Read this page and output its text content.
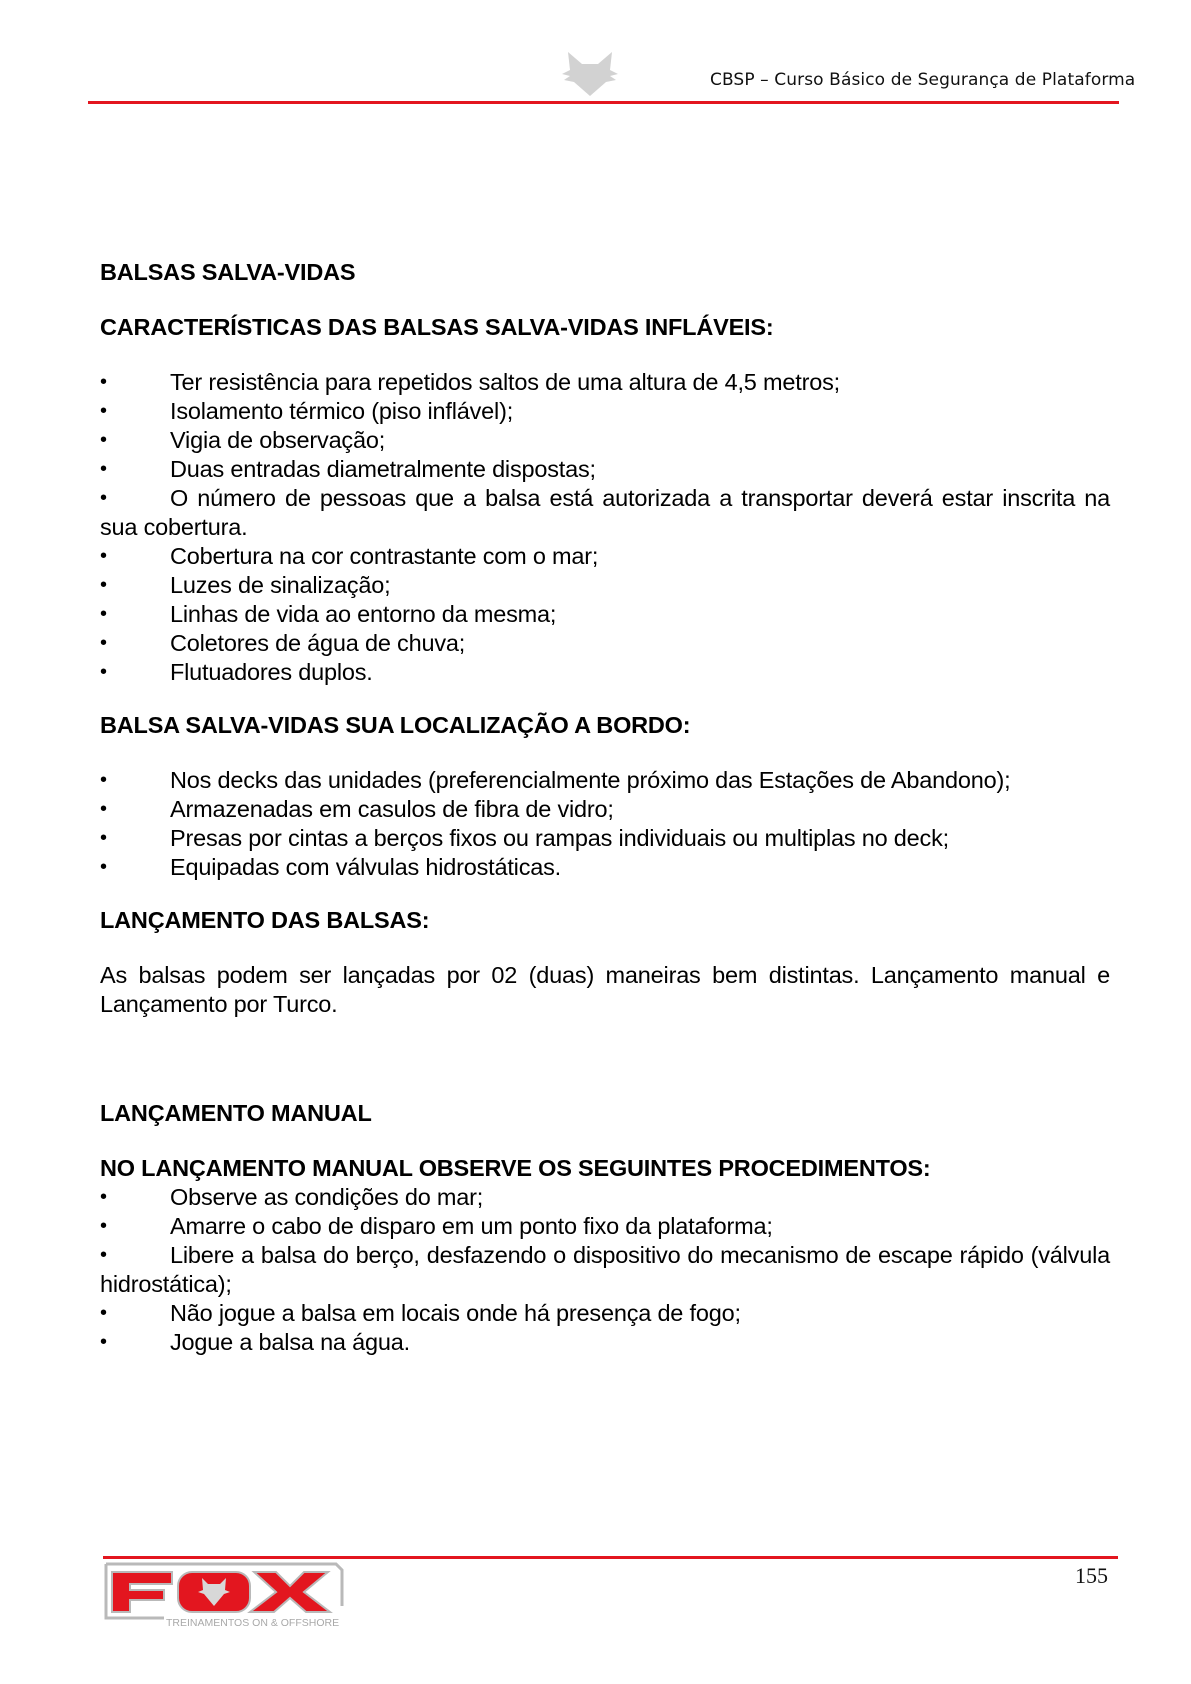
CBSP – Curso Básico de Segurança de Plataforma
BALSAS SALVA-VIDAS
CARACTERÍSTICAS DAS BALSAS SALVA-VIDAS INFLÁVEIS:
•	Ter resistência para repetidos saltos de uma altura de 4,5 metros;
•	Isolamento térmico (piso inflável);
•	Vigia de observação;
•	Duas entradas diametralmente dispostas;
•	O número de pessoas que a balsa está autorizada a transportar deverá estar inscrita na sua cobertura.
•	Cobertura na cor contrastante com o mar;
•	Luzes de sinalização;
•	Linhas de vida ao entorno da mesma;
•	Coletores de água de chuva;
•	Flutuadores duplos.
BALSA SALVA-VIDAS SUA LOCALIZAÇÃO A BORDO:
•	Nos decks das unidades (preferencialmente próximo das Estações de Abandono);
•	Armazenadas em casulos de fibra de vidro;
•	Presas por cintas a berços fixos ou rampas individuais ou multiplas no deck;
•	Equipadas com válvulas hidrostáticas.
LANÇAMENTO DAS BALSAS:

As balsas podem ser lançadas por 02 (duas) maneiras bem distintas. Lançamento manual e Lançamento por Turco.

LANÇAMENTO MANUAL
NO LANÇAMENTO MANUAL OBSERVE OS SEGUINTES PROCEDIMENTOS:
•	Observe as condições do mar;
•	Amarre o cabo de disparo em um ponto fixo da plataforma;
•	Libere a balsa do berço, desfazendo o dispositivo do mecanismo de escape rápido (válvula hidrostática);
•	Não jogue a balsa em locais onde há presença de fogo;
•	Jogue a balsa na água.
155
TREINAMENTOS ON & OFFSHORE
